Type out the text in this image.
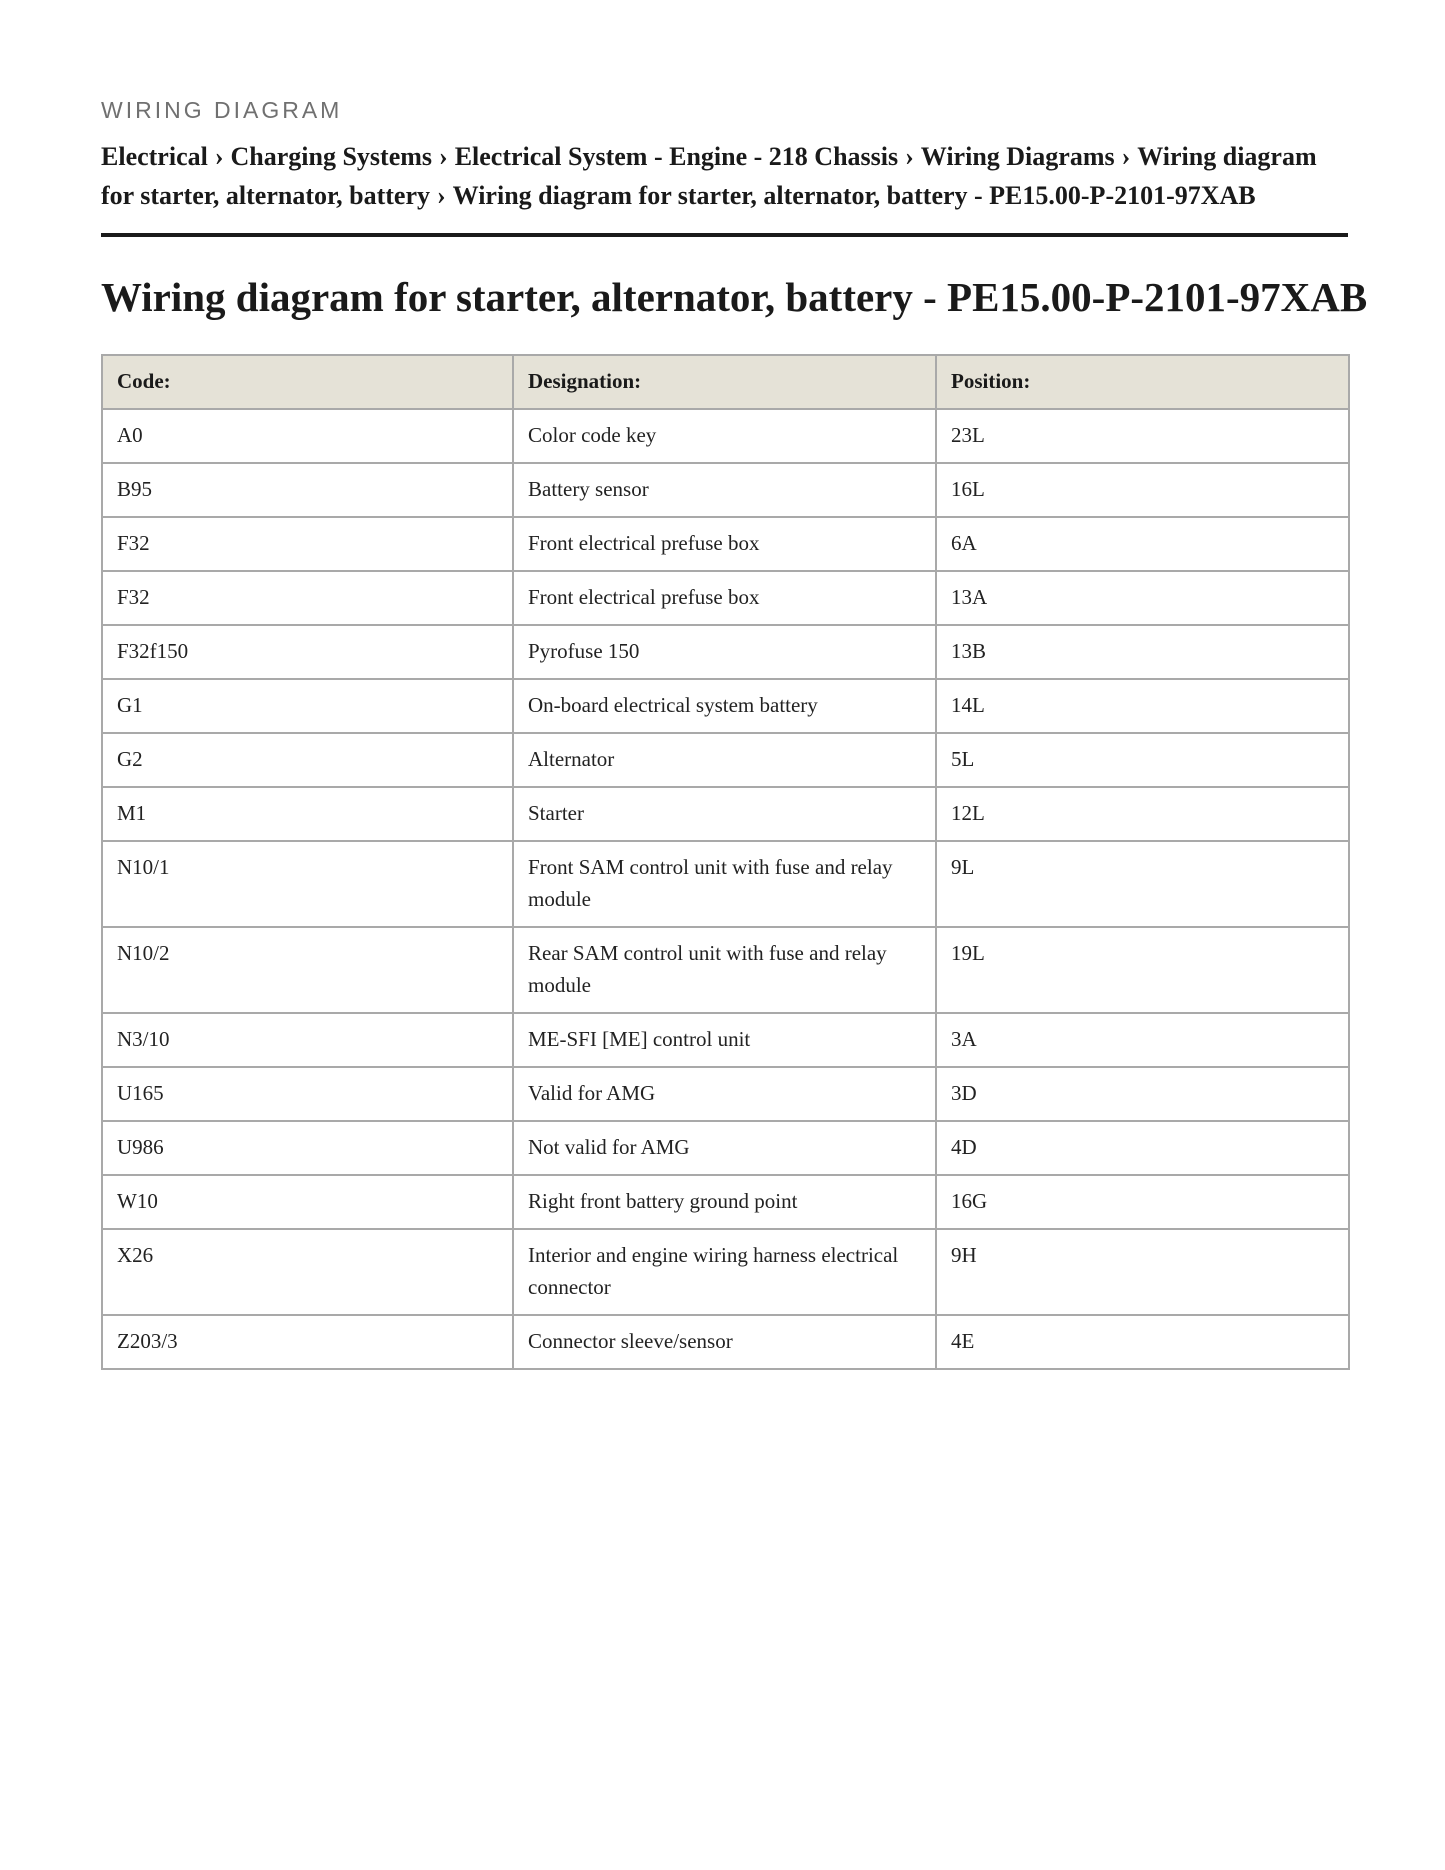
WIRING DIAGRAM
Electrical › Charging Systems › Electrical System - Engine - 218 Chassis › Wiring Diagrams › Wiring diagram for starter, alternator, battery › Wiring diagram for starter, alternator, battery - PE15.00-P-2101-97XAB
Wiring diagram for starter, alternator, battery - PE15.00-P-2101-97XAB
Code:	Designation:	Position:
A0	Color code key	23L
B95	Battery sensor	16L
F32	Front electrical prefuse box	6A
F32	Front electrical prefuse box	13A
F32f150	Pyrofuse 150	13B
G1	On-board electrical system battery	14L
G2	Alternator	5L
M1	Starter	12L
N10/1	Front SAM control unit with fuse and relay module	9L
N10/2	Rear SAM control unit with fuse and relay module	19L
N3/10	ME-SFI [ME] control unit	3A
U165	Valid for AMG	3D
U986	Not valid for AMG	4D
W10	Right front battery ground point	16G
X26	Interior and engine wiring harness electrical connector	9H
Z203/3	Connector sleeve/sensor	4E
